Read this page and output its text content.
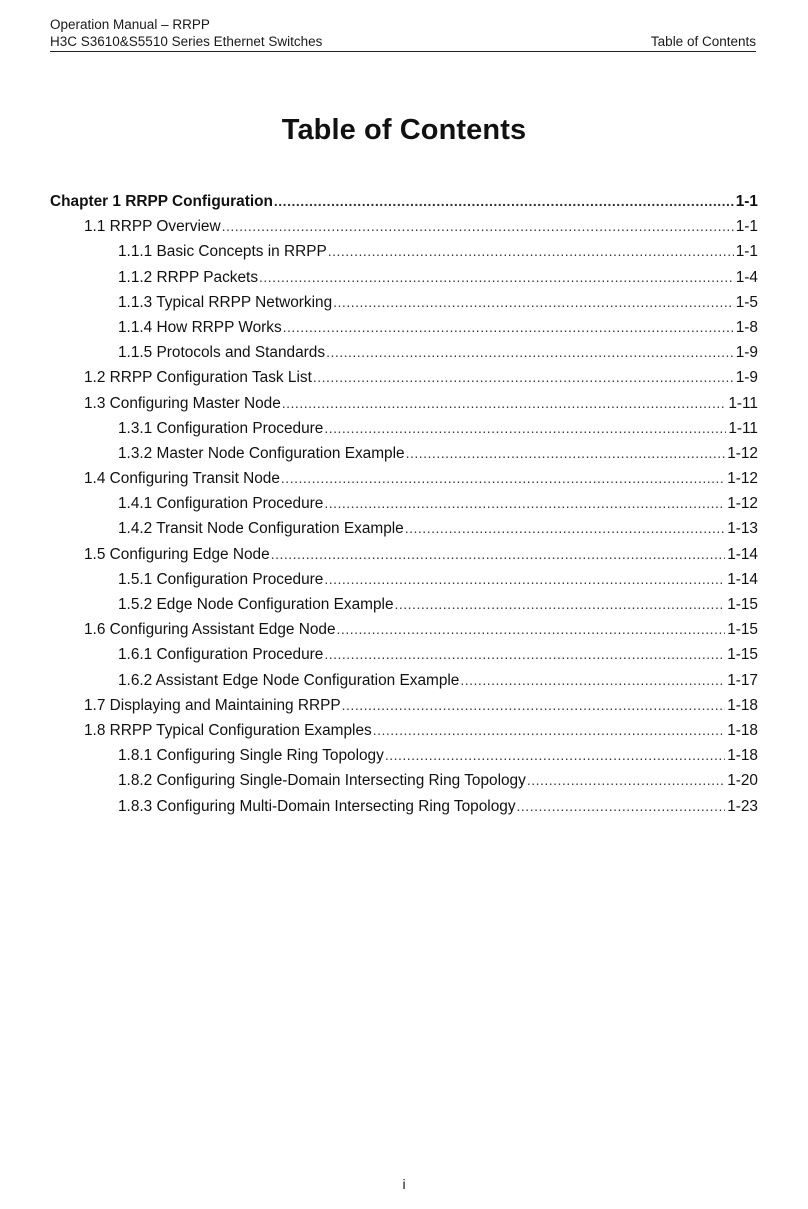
Operation Manual – RRPP
H3C S3610&S5510 Series Ethernet Switches	Table of Contents
Table of Contents
Chapter 1 RRPP Configuration .....	1-1
1.1 RRPP Overview .....	1-1
1.1.1 Basic Concepts in RRPP .....	1-1
1.1.2 RRPP Packets .....	1-4
1.1.3 Typical RRPP Networking .....	1-5
1.1.4 How RRPP Works .....	1-8
1.1.5 Protocols and Standards .....	1-9
1.2 RRPP Configuration Task List .....	1-9
1.3 Configuring Master Node .....	1-11
1.3.1 Configuration Procedure .....	1-11
1.3.2 Master Node Configuration Example .....	1-12
1.4 Configuring Transit Node .....	1-12
1.4.1 Configuration Procedure .....	1-12
1.4.2 Transit Node Configuration Example .....	1-13
1.5 Configuring Edge Node .....	1-14
1.5.1 Configuration Procedure .....	1-14
1.5.2 Edge Node Configuration Example .....	1-15
1.6 Configuring Assistant Edge Node .....	1-15
1.6.1 Configuration Procedure .....	1-15
1.6.2 Assistant Edge Node Configuration Example .....	1-17
1.7 Displaying and Maintaining RRPP .....	1-18
1.8 RRPP Typical Configuration Examples .....	1-18
1.8.1 Configuring Single Ring Topology .....	1-18
1.8.2 Configuring Single-Domain Intersecting Ring Topology .....	1-20
1.8.3 Configuring Multi-Domain Intersecting Ring Topology .....	1-23
i
